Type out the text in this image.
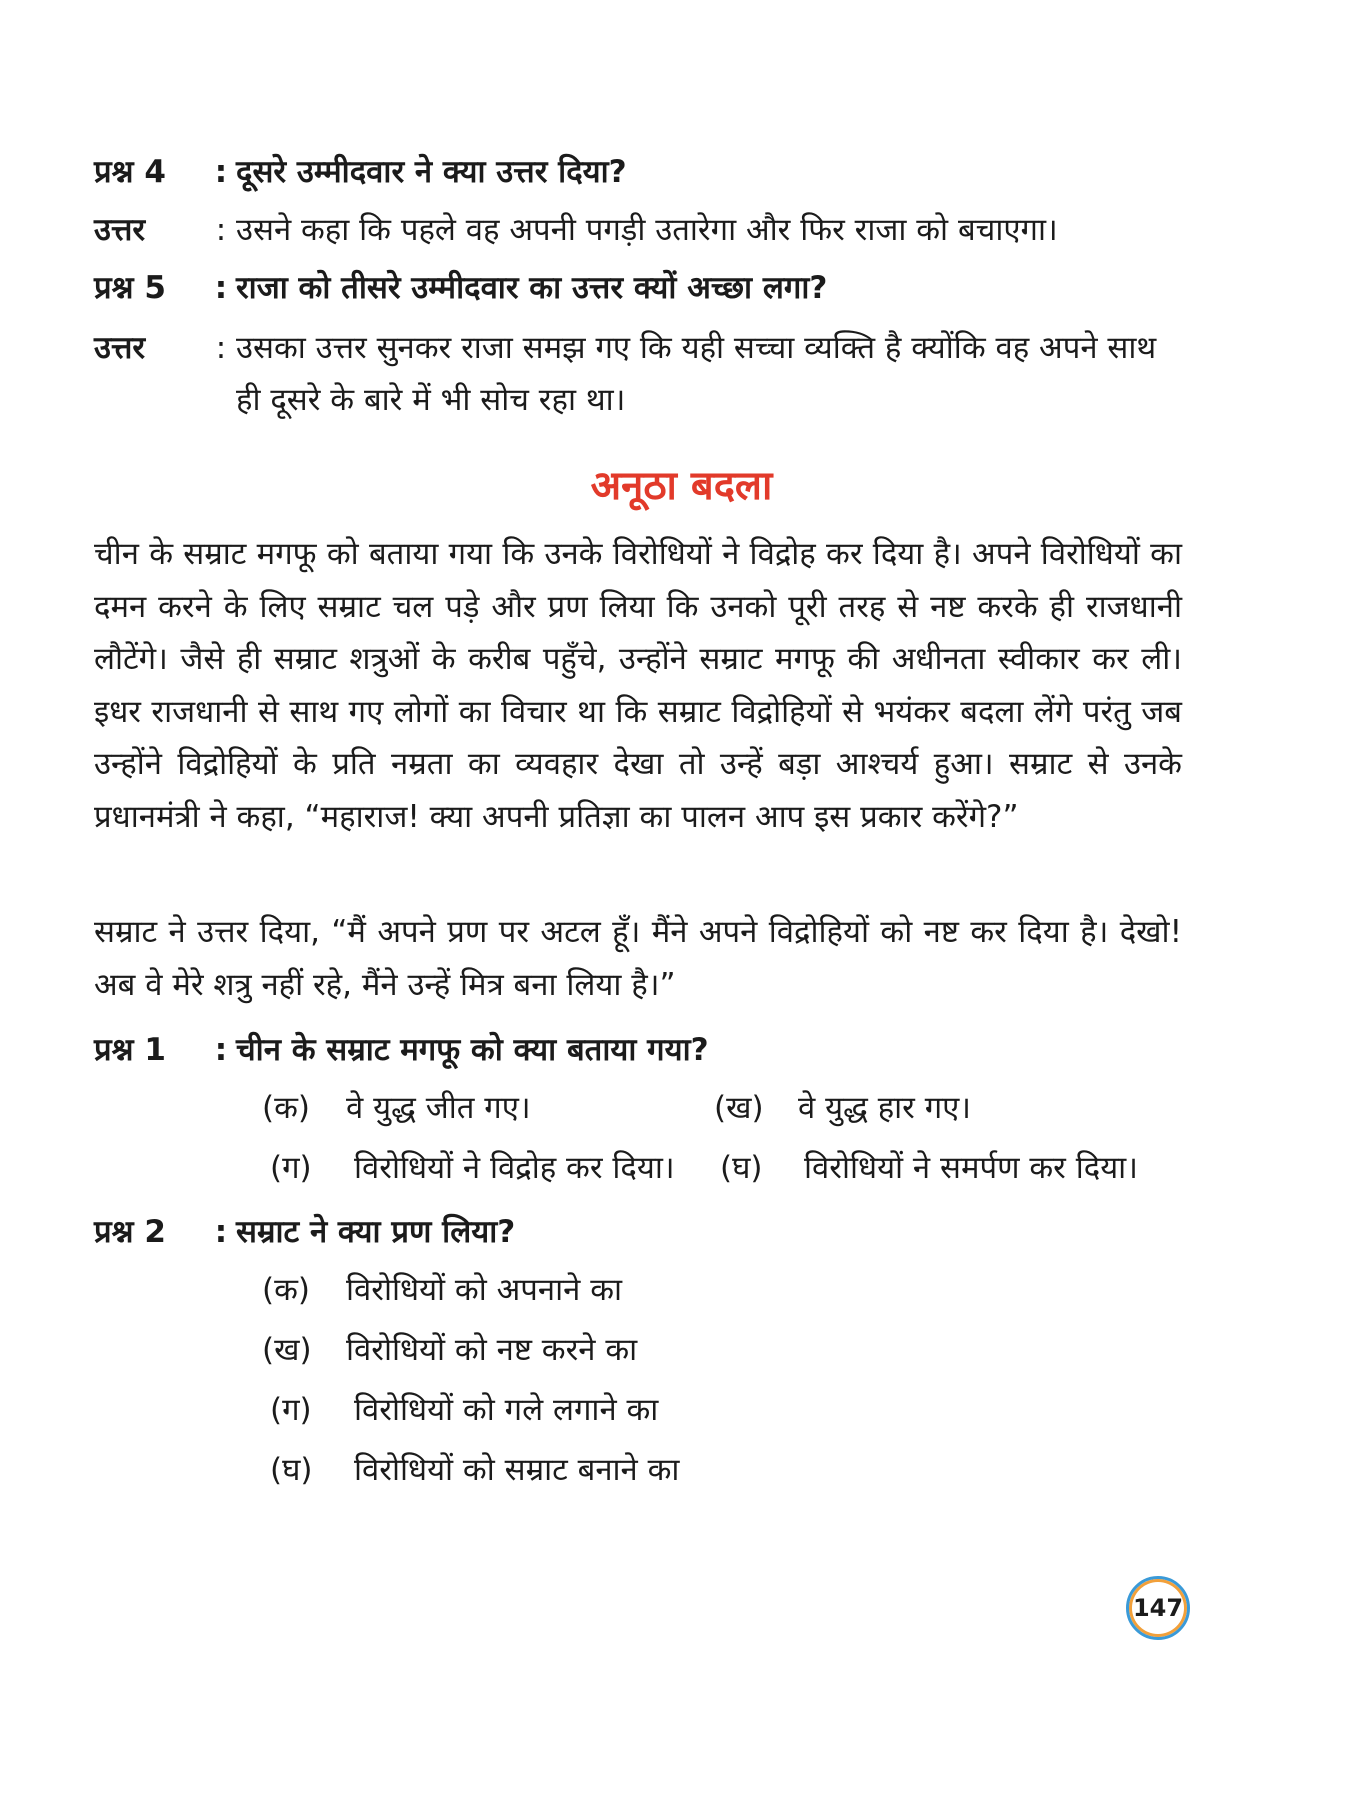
प्रश्न 4	: दूसरे उम्मीदवार ने क्या उत्तर दिया?
उत्तर	: उसने कहा कि पहले वह अपनी पगड़ी उतारेगा और फिर राजा को बचाएगा।
प्रश्न 5	: राजा को तीसरे उम्मीदवार का उत्तर क्यों अच्छा लगा?
उत्तर	: उसका उत्तर सुनकर राजा समझ गए कि यही सच्चा व्यक्ति है क्योंकि वह अपने साथ ही दूसरे के बारे में भी सोच रहा था।
अनूठा बदला

चीन के सम्राट मगफू को बताया गया कि उनके विरोधियों ने विद्रोह कर दिया है। अपने विरोधियों का दमन करने के लिए सम्राट चल पड़े और प्रण लिया कि उनको पूरी तरह से नष्ट करके ही राजधानी लौटेंगे। जैसे ही सम्राट शत्रुओं के करीब पहुँचे, उन्होंने सम्राट मगफू की अधीनता स्वीकार कर ली। इधर राजधानी से साथ गए लोगों का विचार था कि सम्राट विद्रोहियों से भयंकर बदला लेंगे परंतु जब उन्होंने विद्रोहियों के प्रति नम्रता का व्यवहार देखा तो उन्हें बड़ा आश्चर्य हुआ। सम्राट से उनके प्रधानमंत्री ने कहा, “महाराज! क्या अपनी प्रतिज्ञा का पालन आप इस प्रकार करेंगे?”

सम्राट ने उत्तर दिया, “मैं अपने प्रण पर अटल हूँ। मैंने अपने विद्रोहियों को नष्ट कर दिया है। देखो! अब वे मेरे शत्रु नहीं रहे, मैंने उन्हें मित्र बना लिया है।”

प्रश्न 1	: चीन के सम्राट मगफू को क्या बताया गया?
(क) वे युद्ध जीत गए।	(ख) वे युद्ध हार गए।
(ग) विरोधियों ने विद्रोह कर दिया। (घ) विरोधियों ने समर्पण कर दिया।
प्रश्न 2	: सम्राट ने क्या प्रण लिया?
(क) विरोधियों को अपनाने का
(ख) विरोधियों को नष्ट करने का
(ग) विरोधियों को गले लगाने का
(घ) विरोधियों को सम्राट बनाने का
147
